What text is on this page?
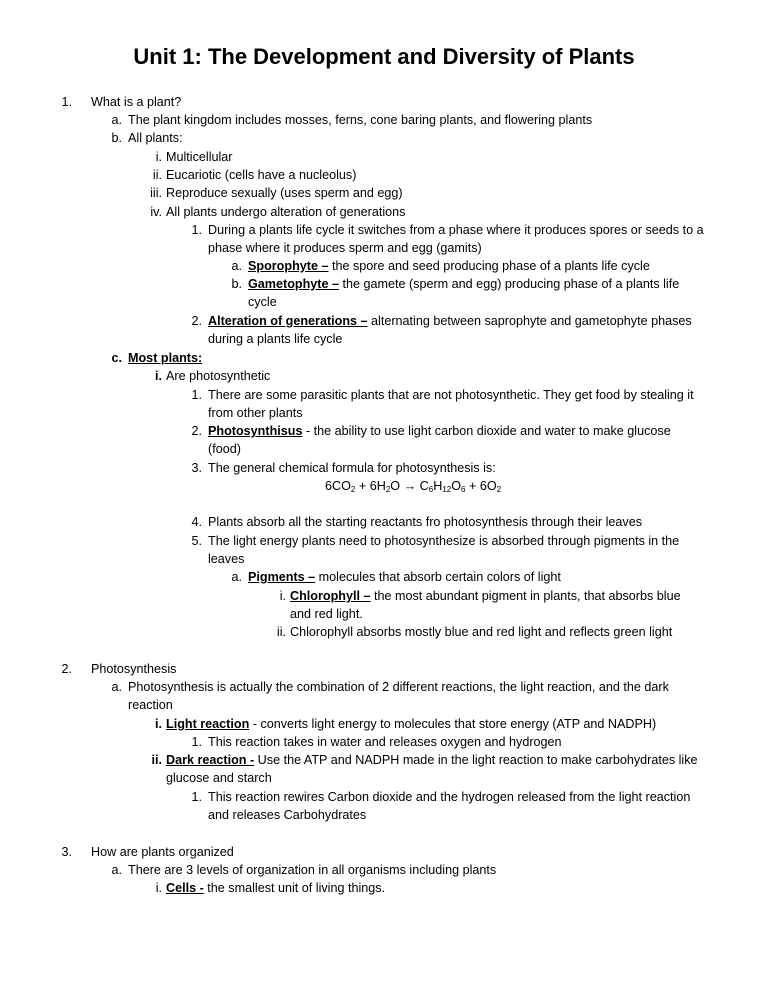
Unit 1: The Development and Diversity of Plants
1. What is a plant?
a. The plant kingdom includes mosses, ferns, cone baring plants, and flowering plants
b. All plants:
i. Multicellular
ii. Eucariotic (cells have a nucleolus)
iii. Reproduce sexually (uses sperm and egg)
iv. All plants undergo alteration of generations
1. During a plants life cycle it switches from a phase where it produces spores or seeds to a
phase where it produces sperm and egg (gamits)
a. Sporophyte – the spore and seed producing phase of a plants life cycle
b. Gametophyte – the gamete (sperm and egg) producing phase of a plants life
cycle
2. Alteration of generations – alternating between saprophyte and gametophyte phases
during a plants life cycle
c. Most plants:
i. Are photosynthetic
1. There are some parasitic plants that are not photosynthetic. They get food by stealing it
from other plants
2. Photosynthisus - the ability to use light carbon dioxide and water to make glucose
(food)
3. The general chemical formula for photosynthesis is:
$6CO_2 + 6H_2O \to C_6H_{12}O_6 + 6O_2$
4. Plants absorb all the starting reactants fro photosynthesis through their leaves
5. The light energy plants need to photosynthesize is absorbed through pigments in the
leaves
a. Pigments – molecules that absorb certain colors of light
i. Chlorophyll – the most abundant pigment in plants, that absorbs blue
and red light.
ii. Chlorophyll absorbs mostly blue and red light and reflects green light
2. Photosynthesis
a. Photosynthesis is actually the combination of 2 different reactions, the light reaction, and the dark
reaction
i. Light reaction - converts light energy to molecules that store energy (ATP and NADPH)
1. This reaction takes in water and releases oxygen and hydrogen
ii. Dark reaction - Use the ATP and NADPH made in the light reaction to make carbohydrates like
glucose and starch
1. This reaction rewires Carbon dioxide and the hydrogen released from the light reaction
and releases Carbohydrates
3. How are plants organized
a. There are 3 levels of organization in all organisms including plants
i. Cells - the smallest unit of living things.
